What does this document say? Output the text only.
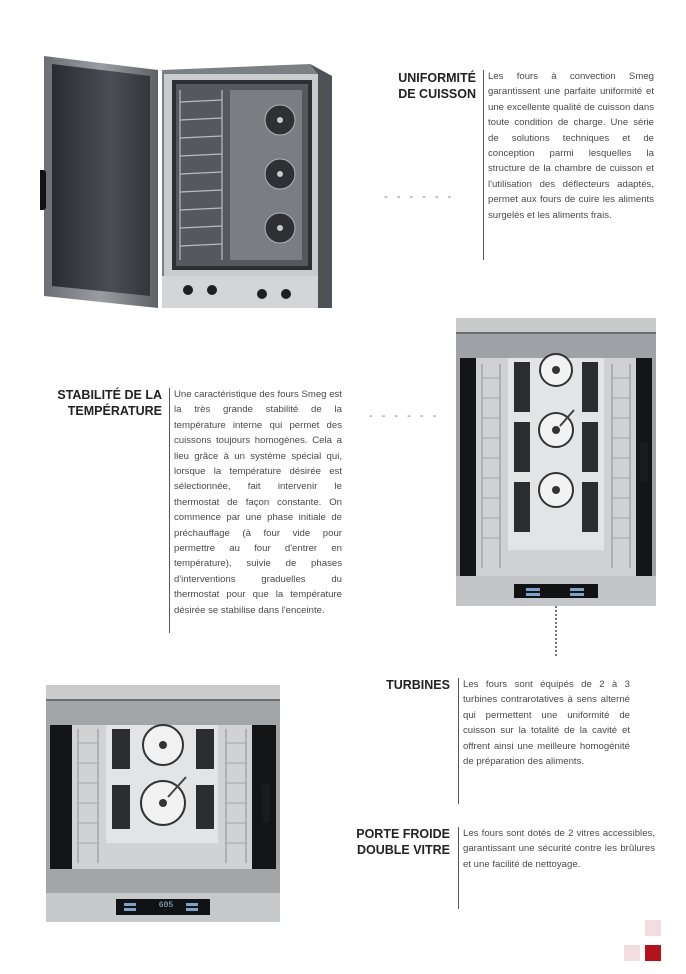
UNIFORMITÉ
DE CUISSON
- - - - - -
Les fours à convection Smeg garantissent une parfaite uniformité et une excellente qualité de cuisson dans toute condition de charge. Une série de solutions techniques et de conception parmi lesquelles la structure de la chambre de cuisson et l'utilisation des déflecteurs adaptés, permet aux fours de cuire les aliments surgelés et les aliments frais.
STABILITÉ DE LA
TEMPÉRATURE	- - - - - -
Une caractéristique des fours Smeg est la très grande stabilité de la température interne qui permet des cuissons toujours homogènes. Cela a lieu grâce à un système spécial qui, lorsque la température désirée est sélectionnée, fait intervenir le thermostat de façon constante. On commence par une phase initiale de préchauffage (à four vide pour permettre au four d'entrer en température), suivie de phases d'interventions graduelles du thermostat pour que la température désirée se stabilise dans l'enceinte.
605
TURBINES Les fours sont équipés de 2 à 3 turbines contrarotatives à sens alterné qui permettent une uniformité de cuisson sur la totalité de la cavité et offrent ainsi une meilleure homogénité de préparation des aliments.
PORTE FROIDE
DOUBLE VITRE
Les fours sont dotés de 2 vitres accessibles, garantissant une sécurité contre les brûlures et une facilité de nettoyage.
